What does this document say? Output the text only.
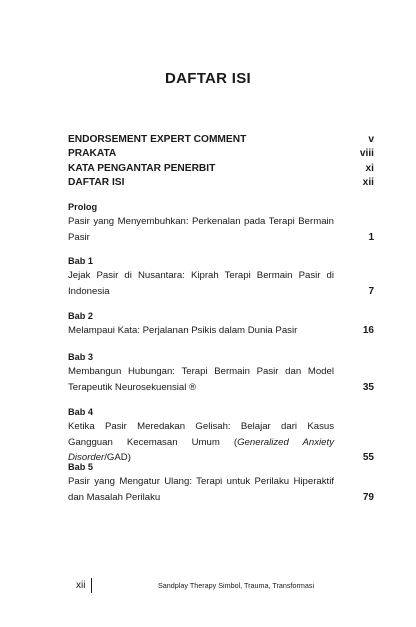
DAFTAR ISI
ENDORSEMENT EXPERT COMMENT	v
PRAKATA	viii
KATA PENGANTAR PENERBIT	xi
DAFTAR ISI	xii
Prolog
Pasir yang Menyembuhkan: Perkenalan pada Terapi Bermain Pasir	1
Bab 1
Jejak Pasir di Nusantara: Kiprah Terapi Bermain Pasir di Indonesia	7
Bab 2
Melampaui Kata: Perjalanan Psikis dalam Dunia Pasir	16
Bab 3
Membangun Hubungan: Terapi Bermain Pasir dan Model Terapeutik Neurosekuensial ®	35
Bab 4
Ketika Pasir Meredakan Gelisah: Belajar dari Kasus Gangguan Kecemasan Umum (Generalized Anxiety Disorder/GAD)	55
Bab 5
Pasir yang Mengatur Ulang: Terapi untuk Perilaku Hiperaktif dan Masalah Perilaku	79
xii	Sandplay Therapy Simbol, Trauma, Transformasi
